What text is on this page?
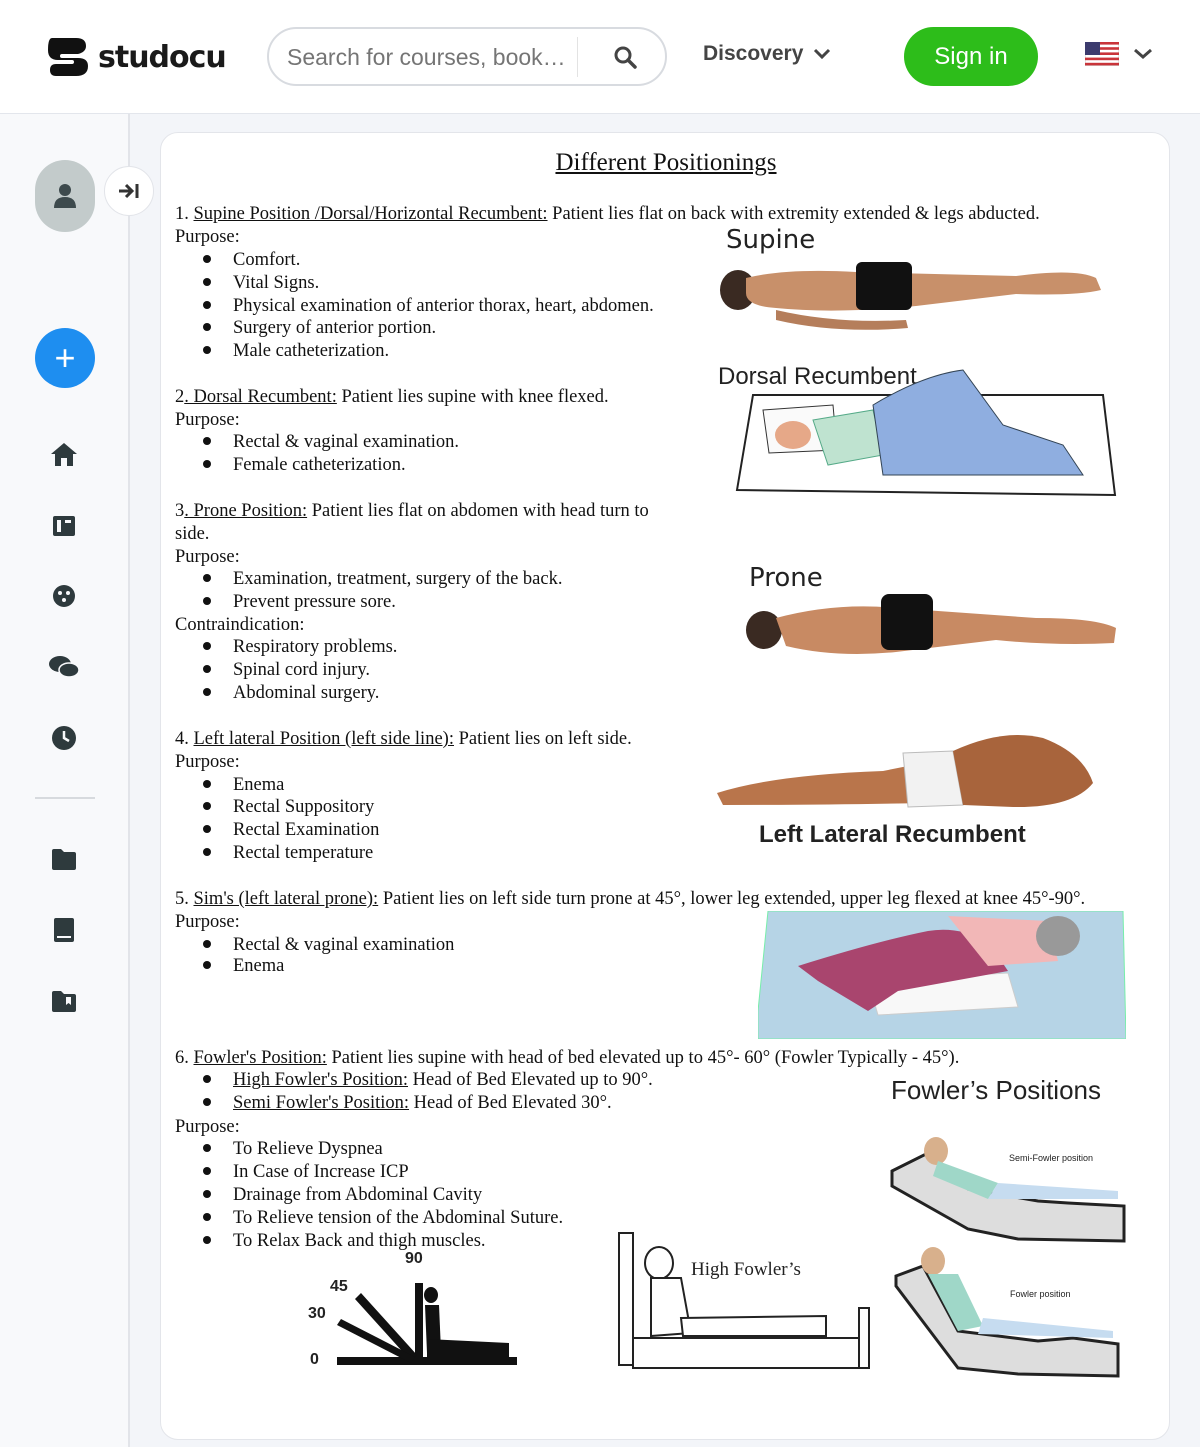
studocu
Search for courses, book…	Discovery	Sign in
+
Different Positionings
1. Supine Position /Dorsal/Horizontal Recumbent: Patient lies flat on back with extremity extended & legs abducted.
Purpose:
Comfort.
Vital Signs.
Physical examination of anterior thorax, heart, abdomen.
Surgery of anterior portion.
Male catheterization.
2. Dorsal Recumbent: Patient lies supine with knee flexed.
Purpose:
Rectal & vaginal examination.
Female catheterization.
3. Prone Position: Patient lies flat on abdomen with head turn to
side.
Purpose:
Examination, treatment, surgery of the back.
Prevent pressure sore.
Contraindication:
Respiratory problems.
Spinal cord injury.
Abdominal surgery.
4. Left lateral Position (left side line): Patient lies on left side.
Purpose:
Enema
Rectal Suppository
Rectal Examination
Rectal temperature
5. Sim's (left lateral prone): Patient lies on left side turn prone at 45°, lower leg extended, upper leg flexed at knee 45°-90°.
Purpose:
Rectal & vaginal examination
Enema
6. Fowler's Position: Patient lies supine with head of bed elevated up to 45°- 60° (Fowler Typically - 45°).
High Fowler's Position: Head of Bed Elevated up to 90°.
Semi Fowler's Position: Head of Bed Elevated 30°.
Purpose:
To Relieve Dyspnea
In Case of Increase ICP
Drainage from Abdominal Cavity
To Relieve tension of the Abdominal Suture.
To Relax Back and thigh muscles.
Supine
Dorsal Recumbent
Prone
Left Lateral Recumbent
Fowler’s Positions
Semi-Fowler position
Fowler position
High Fowler’s
90
45
30
0
